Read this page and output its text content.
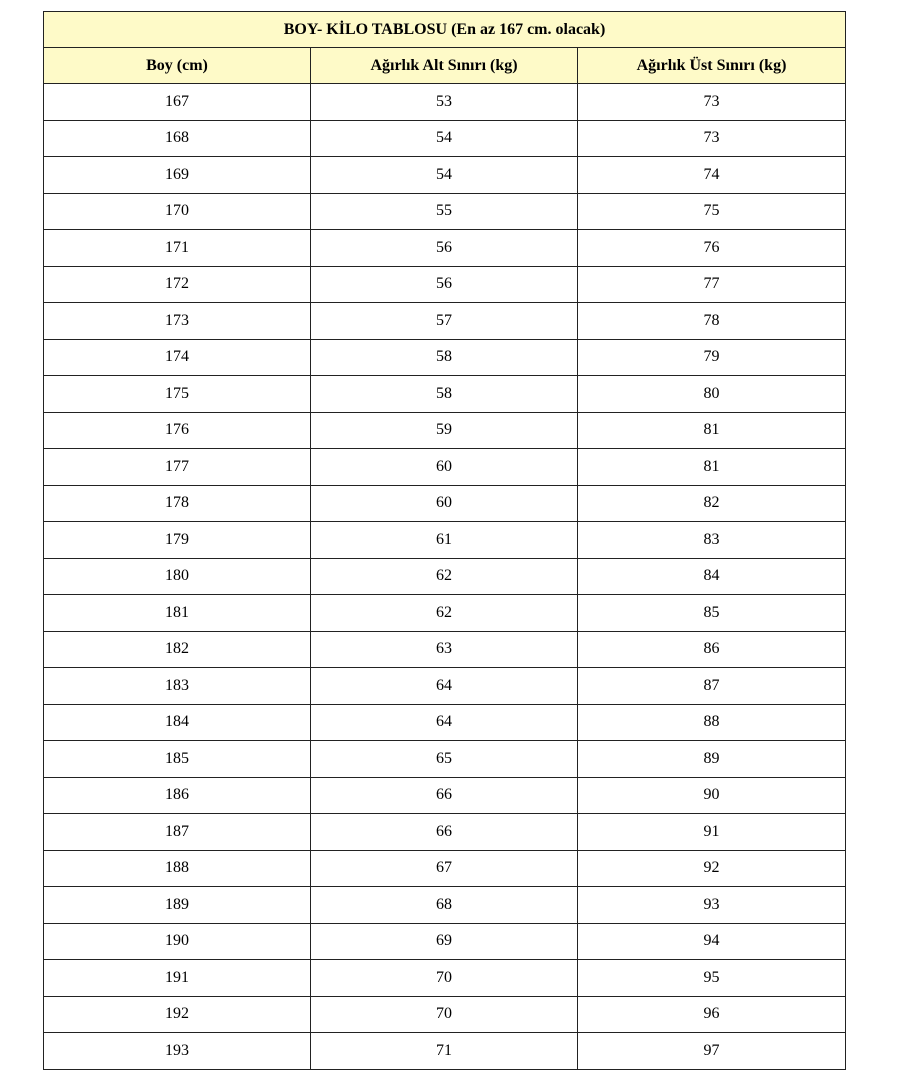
BOY- KİLO TABLOSU (En az 167 cm. olacak)		
Boy (cm)	Ağırlık Alt Sınırı (kg)	Ağırlık Üst Sınırı (kg)
167	53	73
168	54	73
169	54	74
170	55	75
171	56	76
172	56	77
173	57	78
174	58	79
175	58	80
176	59	81
177	60	81
178	60	82
179	61	83
180	62	84
181	62	85
182	63	86
183	64	87
184	64	88
185	65	89
186	66	90
187	66	91
188	67	92
189	68	93
190	69	94
191	70	95
192	70	96
193	71	97
